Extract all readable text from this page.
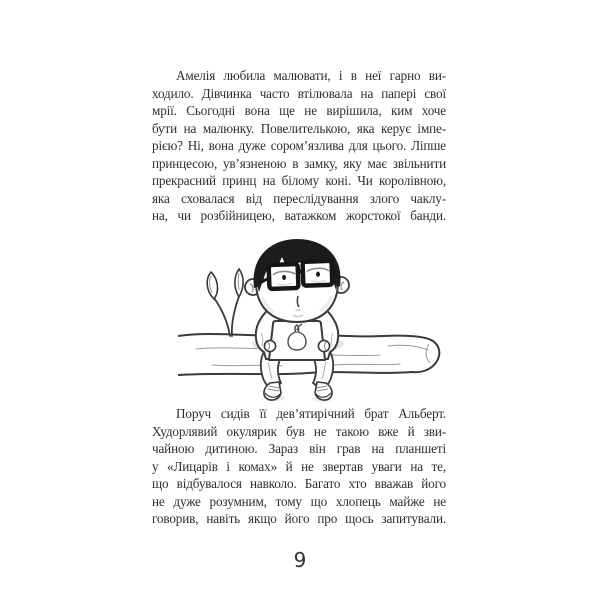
Амелія любила малювати, і в неї гарно ви-
ходило. Дівчинка часто втілювала на папері свої
мрії. Сьогодні вона ще не вирішила, ким хоче
бути на малюнку. Повелителькою, яка керує імпе-
рією? Ні, вона дуже сором’язлива для цього. Ліпше
принцесою, ув’язненою в замку, яку має звільнити
прекрасний принц на білому коні. Чи королівною,
яка сховалася від переслідування злого чаклу-
на, чи розбійницею, ватажком жорстокої банди.
Поруч сидів її дев’ятирічний брат Альберт.
Худорлявий окулярик був не такою вже й зви-
чайною дитиною. Зараз він грав на планшеті
у «Лицарів і комах» й не звертав уваги на те,
що відбувалося навколо. Багато хто вважав його
не дуже розумним, тому що хлопець майже не
говорив, навіть якщо його про щось запитували.
9
